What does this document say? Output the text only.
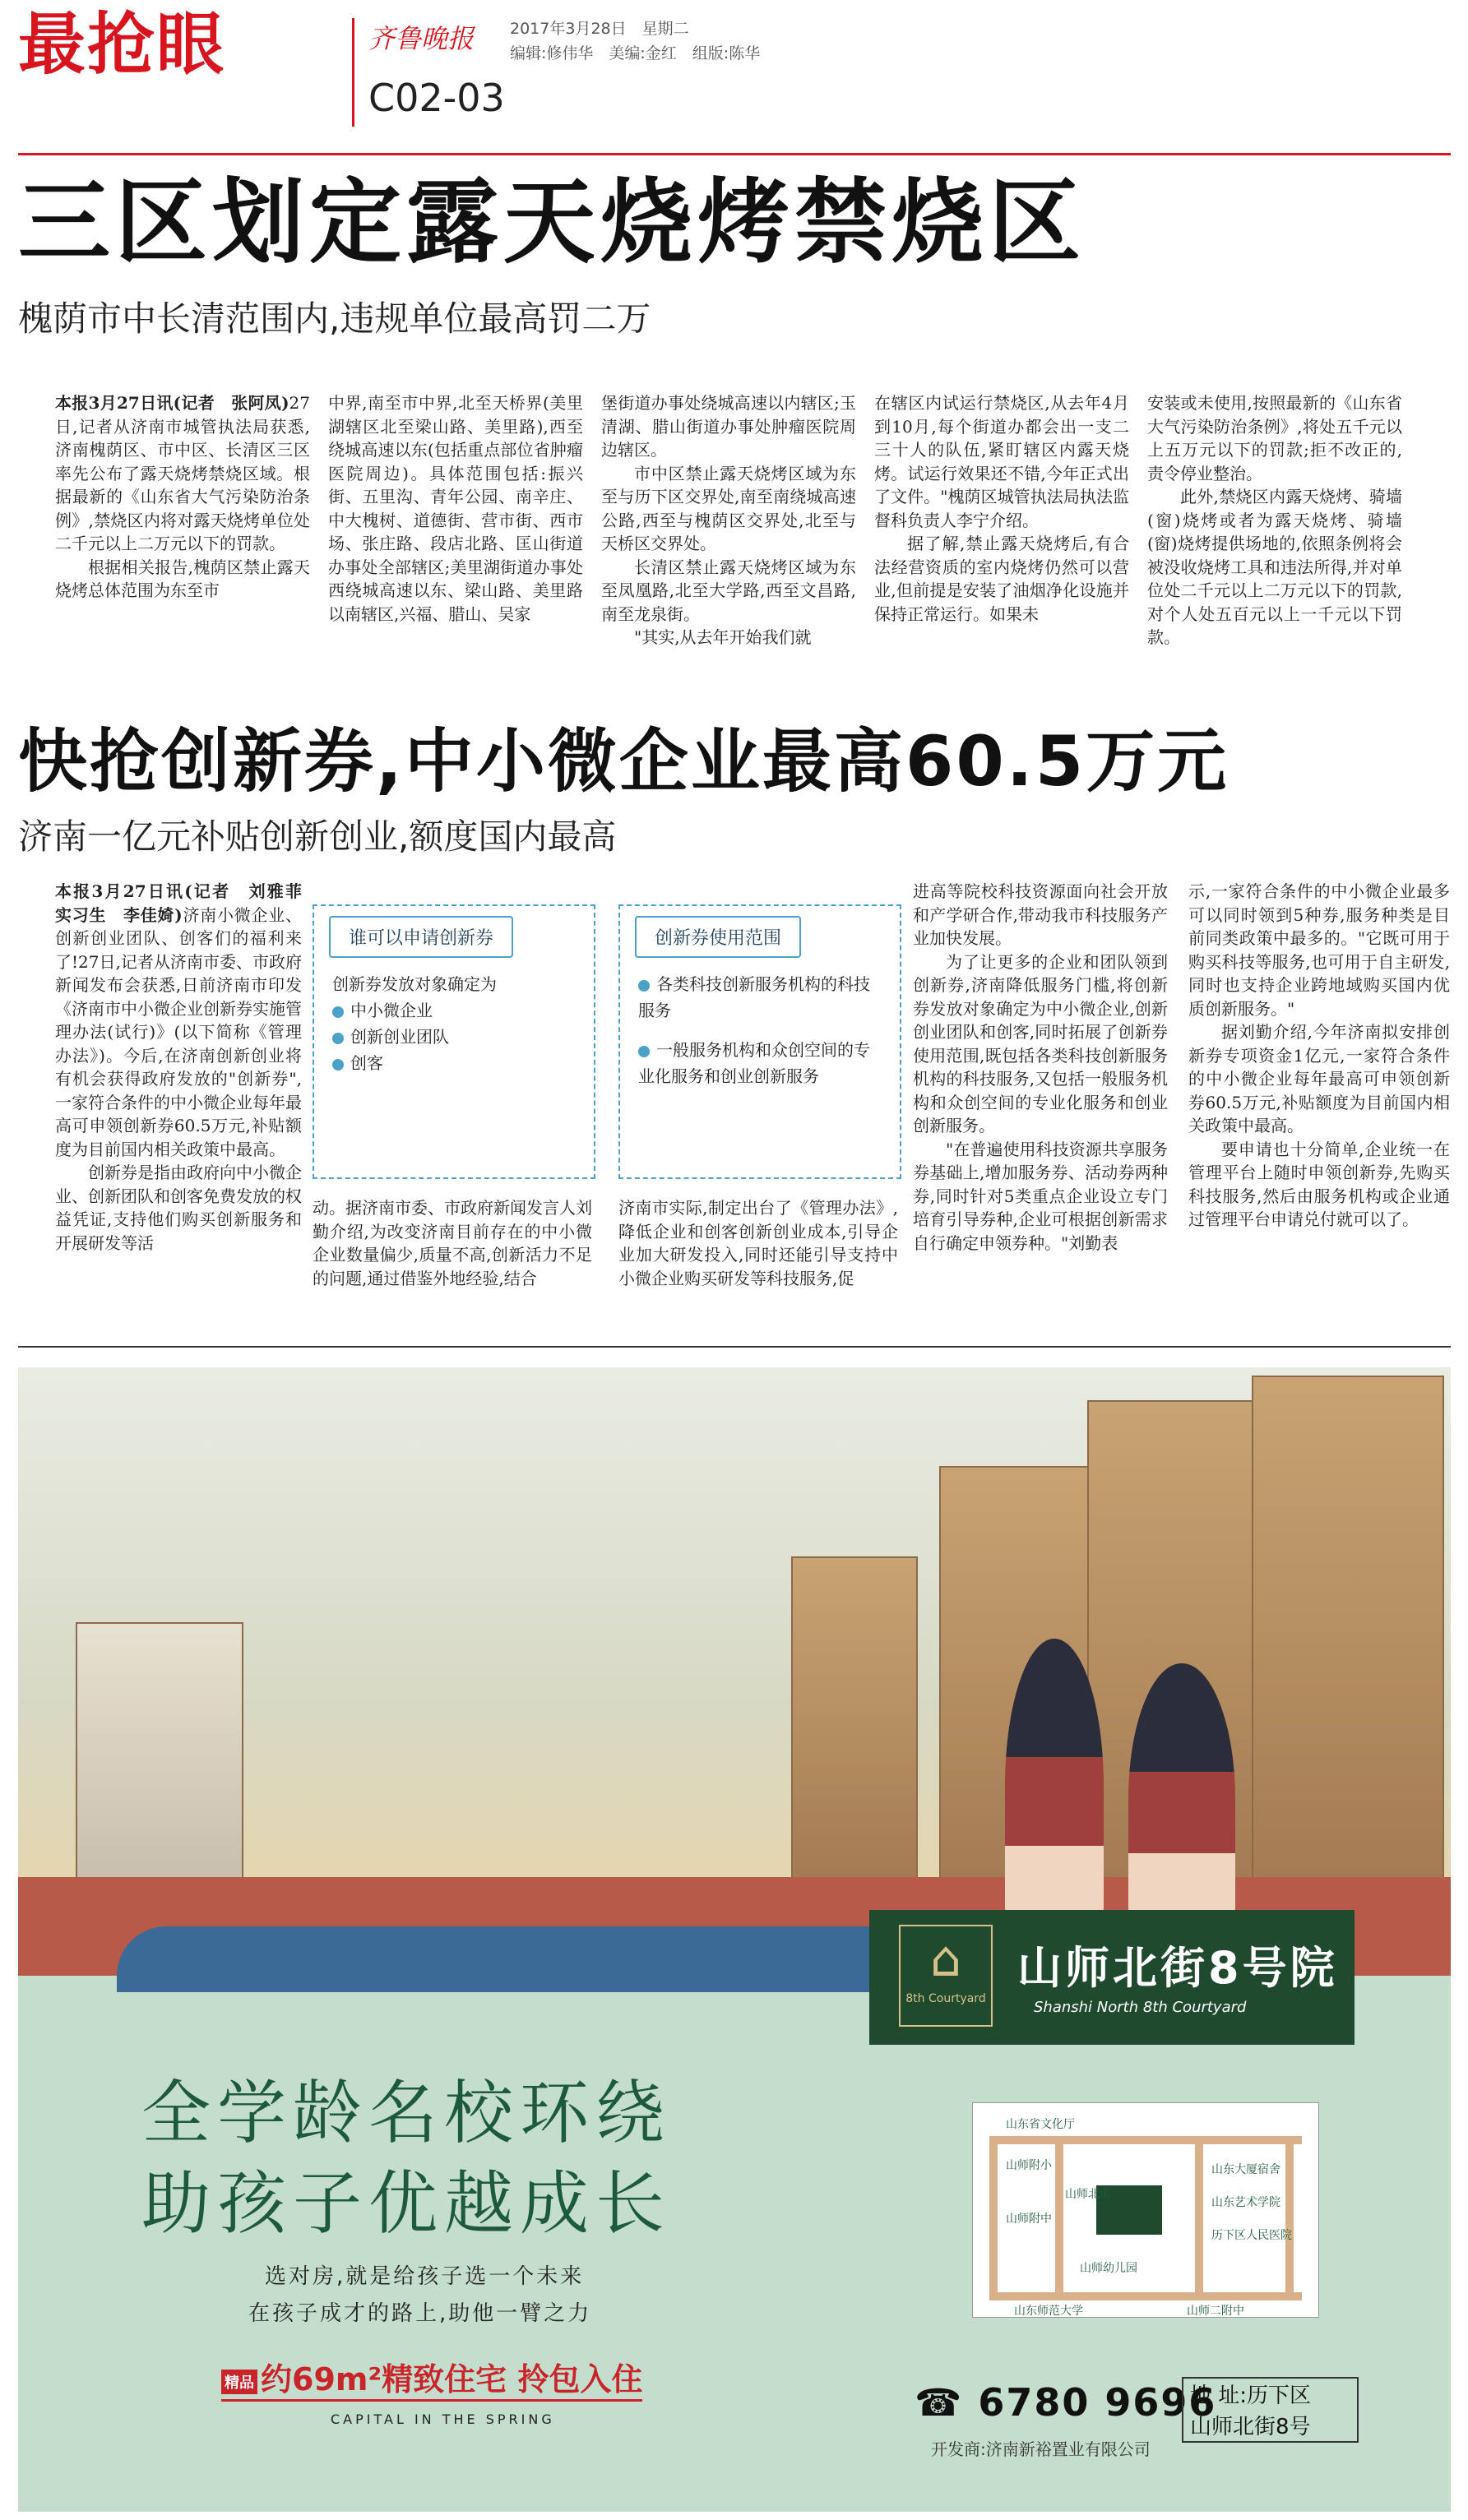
最抢眼	齐鲁晚报 2017年3月28日　星期二
编辑:修伟华　美编:金红　组版:陈华
C02-03
三区划定露天烧烤禁烧区
槐荫市中长清范围内,违规单位最高罚二万

本报3月27日讯(记者　张阿凤)27日,记者从济南市城管执法局获悉,济南槐荫区、市中区、长清区三区率先公布了露天烧烤禁烧区域。根据最新的《山东省大气污染防治条例》,禁烧区内将对露天烧烤单位处二千元以上二万元以下的罚款。

根据相关报告,槐荫区禁止露天烧烤总体范围为东至市

中界,南至市中界,北至天桥界(美里湖辖区北至梁山路、美里路),西至绕城高速以东(包括重点部位省肿瘤医院周边)。具体范围包括:振兴街、五里沟、青年公园、南辛庄、中大槐树、道德街、营市街、西市场、张庄路、段店北路、匡山街道办事处全部辖区;美里湖街道办事处西绕城高速以东、梁山路、美里路以南辖区,兴福、腊山、吴家

堡街道办事处绕城高速以内辖区;玉清湖、腊山街道办事处肿瘤医院周边辖区。

市中区禁止露天烧烤区域为东至与历下区交界处,南至南绕城高速公路,西至与槐荫区交界处,北至与天桥区交界处。

长清区禁止露天烧烤区域为东至凤凰路,北至大学路,西至文昌路,南至龙泉街。

"其实,从去年开始我们就

在辖区内试运行禁烧区,从去年4月到10月,每个街道办都会出一支二三十人的队伍,紧盯辖区内露天烧烤。试运行效果还不错,今年正式出了文件。"槐荫区城管执法局执法监督科负责人李宁介绍。

据了解,禁止露天烧烤后,有合法经营资质的室内烧烤仍然可以营业,但前提是安装了油烟净化设施并保持正常运行。如果未

安装或未使用,按照最新的《山东省大气污染防治条例》,将处五千元以上五万元以下的罚款;拒不改正的,责令停业整治。

此外,禁烧区内露天烧烤、骑墙(窗)烧烤或者为露天烧烤、骑墙(窗)烧烤提供场地的,依照条例将会被没收烧烤工具和违法所得,并对单位处二千元以上二万元以下的罚款,对个人处五百元以上一千元以下罚款。

快抢创新券,中小微企业最高60.5万元
济南一亿元补贴创新创业,额度国内最高

本报3月27日讯(记者　刘雅菲　实习生　李佳婍)济南小微企业、创新创业团队、创客们的福利来了!27日,记者从济南市委、市政府新闻发布会获悉,日前济南市印发《济南市中小微企业创新券实施管理办法(试行)》(以下简称《管理办法》)。今后,在济南创新创业将有机会获得政府发放的"创新券",一家符合条件的中小微企业每年最高可申领创新券60.5万元,补贴额度为目前国内相关政策中最高。

创新券是指由政府向中小微企业、创新团队和创客免费发放的权益凭证,支持他们购买创新服务和开展研发等活

谁可以申请创新券
创新券发放对象确定为
中小微企业
创新创业团队
创客
创新券使用范围
各类科技创新服务机构的科技服务
一般服务机构和众创空间的专业化服务和创业创新服务

动。据济南市委、市政府新闻发言人刘勤介绍,为改变济南目前存在的中小微企业数量偏少,质量不高,创新活力不足的问题,通过借鉴外地经验,结合

济南市实际,制定出台了《管理办法》,降低企业和创客创新创业成本,引导企业加大研发投入,同时还能引导支持中小微企业购买研发等科技服务,促

进高等院校科技资源面向社会开放和产学研合作,带动我市科技服务产业加快发展。

为了让更多的企业和团队领到创新券,济南降低服务门槛,将创新券发放对象确定为中小微企业,创新创业团队和创客,同时拓展了创新券使用范围,既包括各类科技创新服务机构的科技服务,又包括一般服务机构和众创空间的专业化服务和创业创新服务。

"在普遍使用科技资源共享服务券基础上,增加服务券、活动券两种券,同时针对5类重点企业设立专门培育引导券种,企业可根据创新需求自行确定申领券种。"刘勤表

示,一家符合条件的中小微企业最多可以同时领到5种券,服务种类是目前同类政策中最多的。"它既可用于购买科技等服务,也可用于自主研发,同时也支持企业跨地域购买国内优质创新服务。"

据刘勤介绍,今年济南拟安排创新券专项资金1亿元,一家符合条件的中小微企业每年最高可申领创新券60.5万元,补贴额度为目前国内相关政策中最高。

要申请也十分简单,企业统一在管理平台上随时申领创新券,先购买科技服务,然后由服务机构或企业通过管理平台申请兑付就可以了。

⌂
8th Courtyard
山师北街8号院
Shanshi North 8th Courtyard
全学龄名校环绕
助孩子优越成长
选对房,就是给孩子选一个未来
在孩子成才的路上,助他一臂之力
精品 约69m²精致住宅 拎包入住
CAPITAL IN THE SPRING
山东省文化厅
山师附小
山师附中
山师北街
山东大厦宿舍
山东艺术学院
历下区人民医院
山师幼儿园
山东师范大学	山师二附中
☎ 6780 9696
地 址:历下区
山师北街8号
开发商:济南新裕置业有限公司
